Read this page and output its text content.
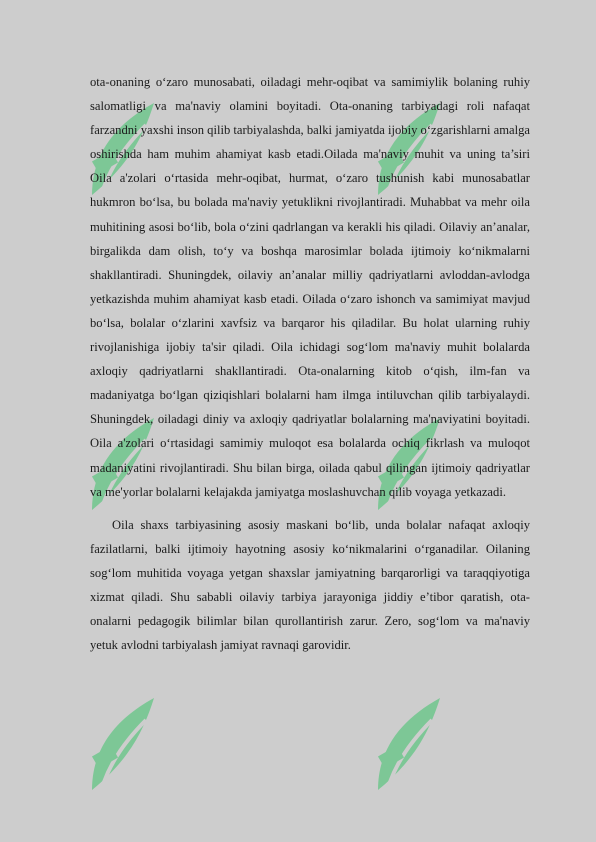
ota-onaning o‘zaro munosabati, oiladagi mehr-oqibat va samimiylik bolaning ruhiy salomatligi va ma'naviy olamini boyitadi. Ota-onaning tarbiyadagi roli nafaqat farzandni yaxshi inson qilib tarbiyalashda, balki jamiyatda ijobiy o‘zgarishlarni amalga oshirishda ham muhim ahamiyat kasb etadi.Oilada ma'naviy muhit va uning ta’siri Oila a'zolari o‘rtasida mehr-oqibat, hurmat, o‘zaro tushunish kabi munosabatlar hukmron bo‘lsa, bu bolada ma'naviy yetuklikni rivojlantiradi. Muhabbat va mehr oila muhitining asosi bo‘lib, bola o‘zini qadrlangan va kerakli his qiladi. Oilaviy an’analar, birgalikda dam olish, to‘y va boshqa marosimlar bolada ijtimoiy ko‘nikmalarni shakllantiradi. Shuningdek, oilaviy an’analar milliy qadriyatlarni avloddan-avlodga yetkazishda muhim ahamiyat kasb etadi. Oilada o‘zaro ishonch va samimiyat mavjud bo‘lsa, bolalar o‘zlarini xavfsiz va barqaror his qiladilar. Bu holat ularning ruhiy rivojlanishiga ijobiy ta'sir qiladi. Oila ichidagi sog‘lom ma'naviy muhit bolalarda axloqiy qadriyatlarni shakllantiradi. Ota-onalarning kitob o‘qish, ilm-fan va madaniyatga bo‘lgan qiziqishlari bolalarni ham ilmga intiluvchan qilib tarbiyalaydi. Shuningdek, oiladagi diniy va axloqiy qadriyatlar bolalarning ma'naviyatini boyitadi. Oila a'zolari o‘rtasidagi samimiy muloqot esa bolalarda ochiq fikrlash va muloqot madaniyatini rivojlantiradi. Shu bilan birga, oilada qabul qilingan ijtimoiy qadriyatlar va me'yorlar bolalarni kelajakda jamiyatga moslashuvchan qilib voyaga yetkazadi.

Oila shaxs tarbiyasining asosiy maskani bo‘lib, unda bolalar nafaqat axloqiy fazilatlarni, balki ijtimoiy hayotning asosiy ko‘nikmalarini o‘rganadilar. Oilaning sog‘lom muhitida voyaga yetgan shaxslar jamiyatning barqarorligi va taraqqiyotiga xizmat qiladi. Shu sababli oilaviy tarbiya jarayoniga jiddiy e’tibor qaratish, ota-onalarni pedagogik bilimlar bilan qurollantirish zarur. Zero, sog‘lom va ma'naviy yetuk avlodni tarbiyalash jamiyat ravnaqi garovidir.
